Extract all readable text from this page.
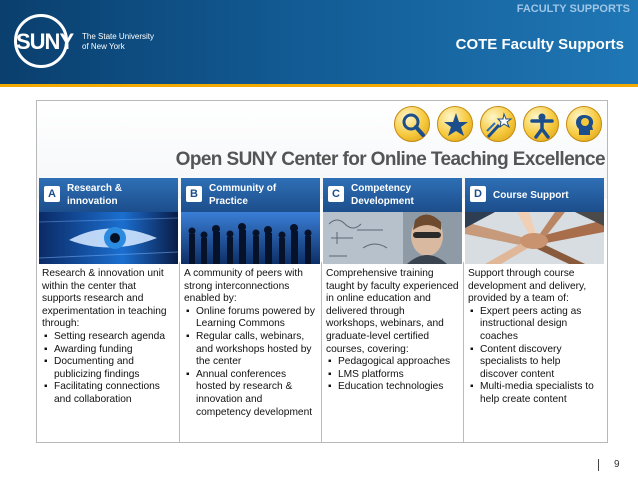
SUNY The State University
of New York
FACULTY SUPPORTS
COTE Faculty Supports
Open SUNY Center for Online Teaching Excellence
A	Research & innovation
Research & innovation unit within the center that supports research and experimentation in teaching through:
▪ Setting research agenda
▪ Awarding funding
▪ Documenting and publicizing findings
▪ Facilitating connections and collaboration
B	Community of Practice
A community of peers with strong interconnections enabled by:
▪ Online forums powered by Learning Commons
▪ Regular calls, webinars, and workshops hosted by the center
▪ Annual conferences hosted by research & innovation and competency development
C	Competency Development
Comprehensive training taught by faculty experienced in online education and delivered through workshops, webinars, and graduate-level certified courses, covering:
▪ Pedagogical approaches
▪ LMS platforms
▪ Education technologies
D	Course Support
Support through course development and delivery, provided by a team of:
▪ Expert peers acting as instructional design coaches
▪ Content discovery specialists to help discover content
▪ Multi-media specialists to help create content
9
